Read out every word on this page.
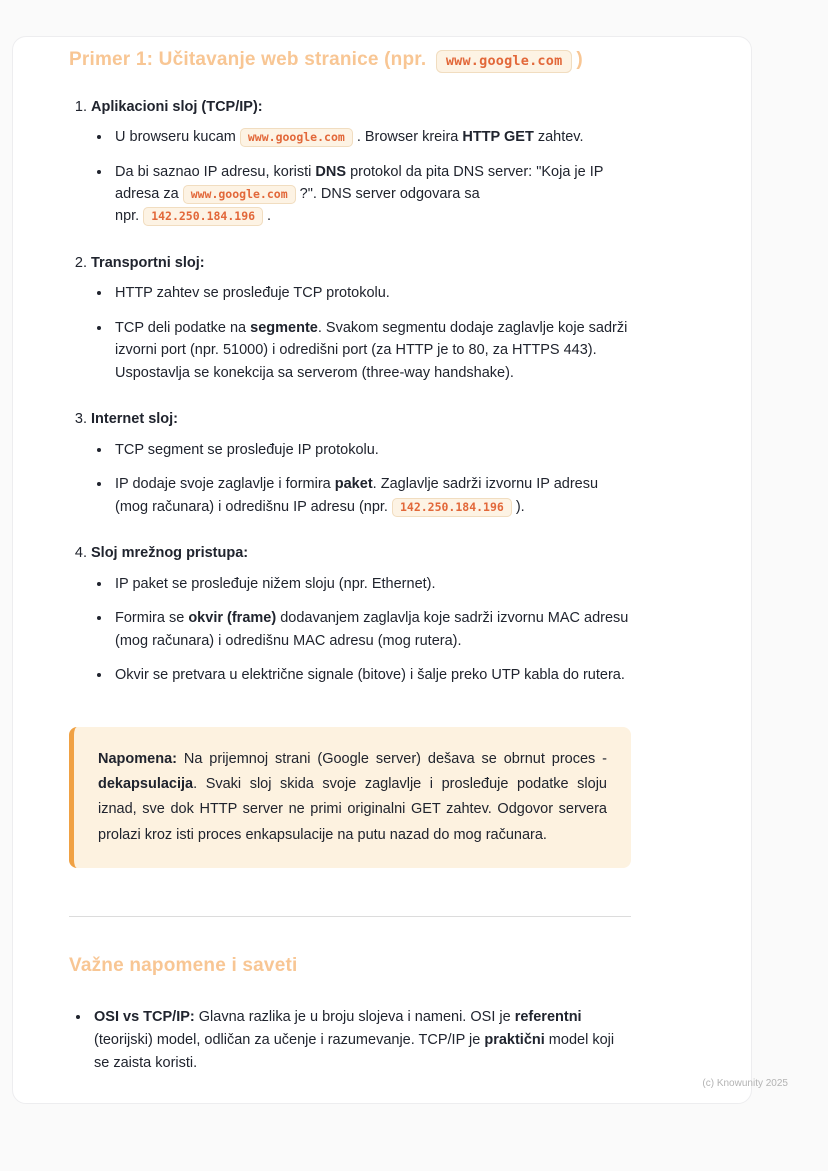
Primer 1: Učitavanje web stranice (npr. www.google.com )
1. Aplikacioni sloj (TCP/IP):
• U browseru kucam www.google.com . Browser kreira HTTP GET zahtev.
• Da bi saznao IP adresu, koristi DNS protokol da pita DNS server: "Koja je IP adresa za www.google.com ?". DNS server odgovara sa npr. 142.250.184.196 .
2. Transportni sloj:
• HTTP zahtev se prosleđuje TCP protokolu.
• TCP deli podatke na segmente. Svakom segmentu dodaje zaglavlje koje sadrži izvorni port (npr. 51000) i odredišni port (za HTTP je to 80, za HTTPS 443). Uspostavlja se konekcija sa serverom (three-way handshake).
3. Internet sloj:
• TCP segment se prosleđuje IP protokolu.
• IP dodaje svoje zaglavlje i formira paket. Zaglavlje sadrži izvornu IP adresu (mog računara) i odredišnu IP adresu (npr. 142.250.184.196 ).
4. Sloj mrežnog pristupa:
• IP paket se prosleđuje nižem sloju (npr. Ethernet).
• Formira se okvir (frame) dodavanjem zaglavlja koje sadrži izvornu MAC adresu (mog računara) i odredišnu MAC adresu (mog rutera).
• Okvir se pretvara u električne signale (bitove) i šalje preko UTP kabla do rutera.

Napomena: Na prijemnoj strani (Google server) dešava se obrnut proces - dekapsulacija. Svaki sloj skida svoje zaglavlje i prosleđuje podatke sloju iznad, sve dok HTTP server ne primi originalni GET zahtev. Odgovor servera prolazi kroz isti proces enkapsulacije na putu nazad do mog računara.

Važne napomene i saveti
• OSI vs TCP/IP: Glavna razlika je u broju slojeva i nameni. OSI je referentni (teorijski) model, odličan za učenje i razumevanje. TCP/IP je praktični model koji se zaista koristi.
(c) Knowunity 2025
